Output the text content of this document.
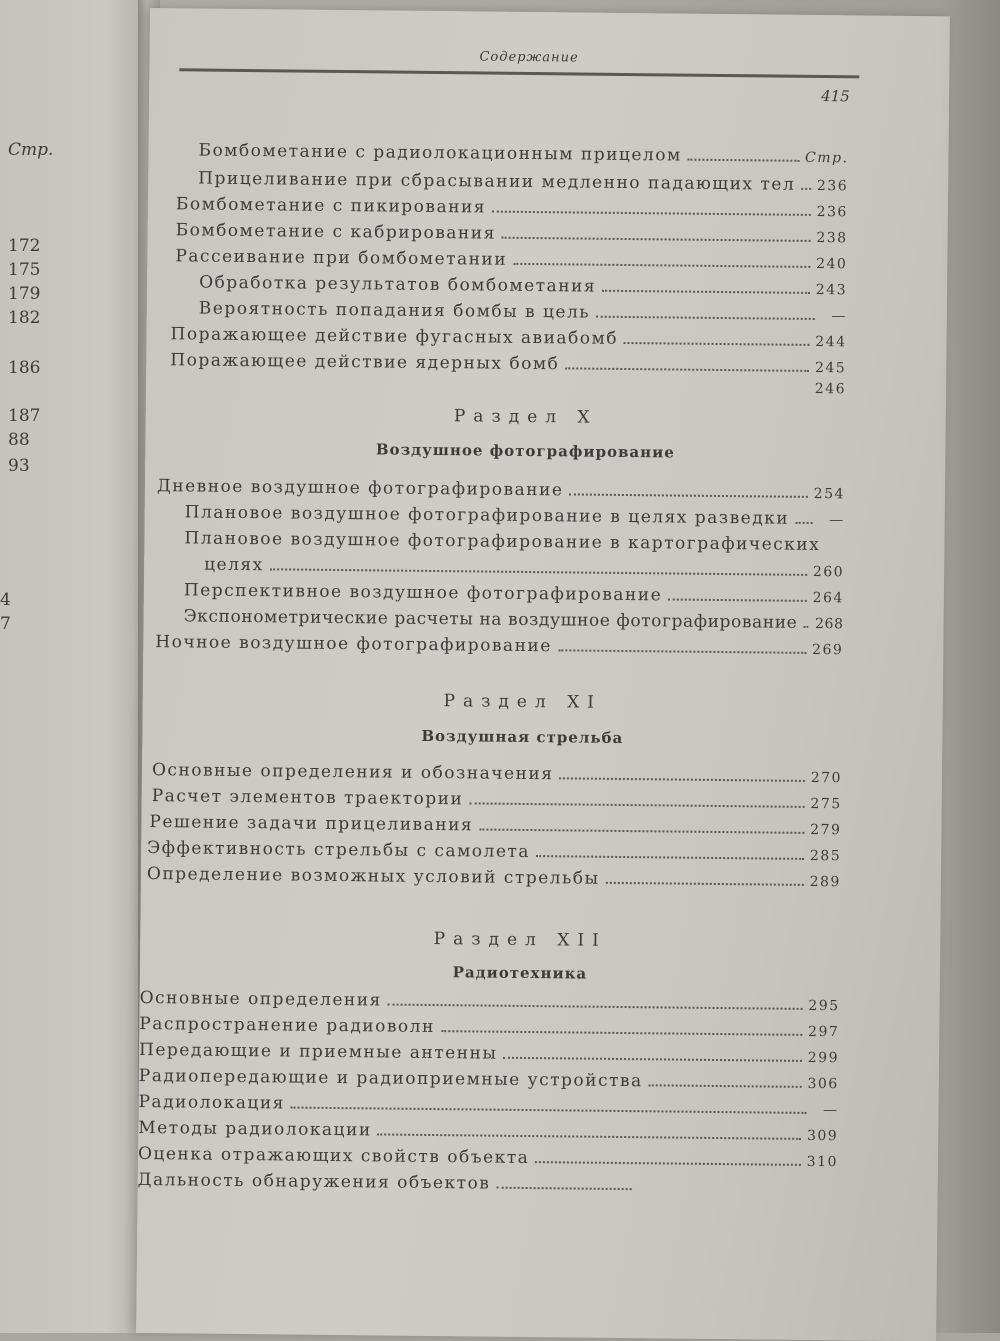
Стр.
172
175
179
182
186
187
88
93
4
7
Содержание
415
Бомбометание с радиолокационным прицелом	Стр.
Прицеливание при сбрасывании медленно падающих тел 236
Бомбометание с пикирования	236
Бомбометание с кабрирования	238
Рассеивание при бомбометании	240
Обработка результатов бомбометания	243
Вероятность попадания бомбы в цель	—
Поражающее действие фугасных авиабомб	244
Поражающее действие ядерных бомб	245
246
Раздел X
Воздушное фотографирование
Дневное воздушное фотографирование	254
Плановое воздушное фотографирование в целях разведки	—
Плановое воздушное фотографирование в картографических
целях	260
Перспективное воздушное фотографирование	264
Экспонометрические расчеты на воздушное фотографирование 268
Ночное воздушное фотографирование	269
Раздел XI
Воздушная стрельба
Основные определения и обозначения	270
Расчет элементов траектории	275
Решение задачи прицеливания	279
Эффективность стрельбы с самолета	285
Определение возможных условий стрельбы	289
Раздел XII
Радиотехника
Основные определения	295
Распространение радиоволн	297
Передающие и приемные антенны	299
Радиопередающие и радиоприемные устройства	306
Радиолокация	—
Методы радиолокации	309
Оценка отражающих свойств объекта	310
Дальность обнаружения объектов
